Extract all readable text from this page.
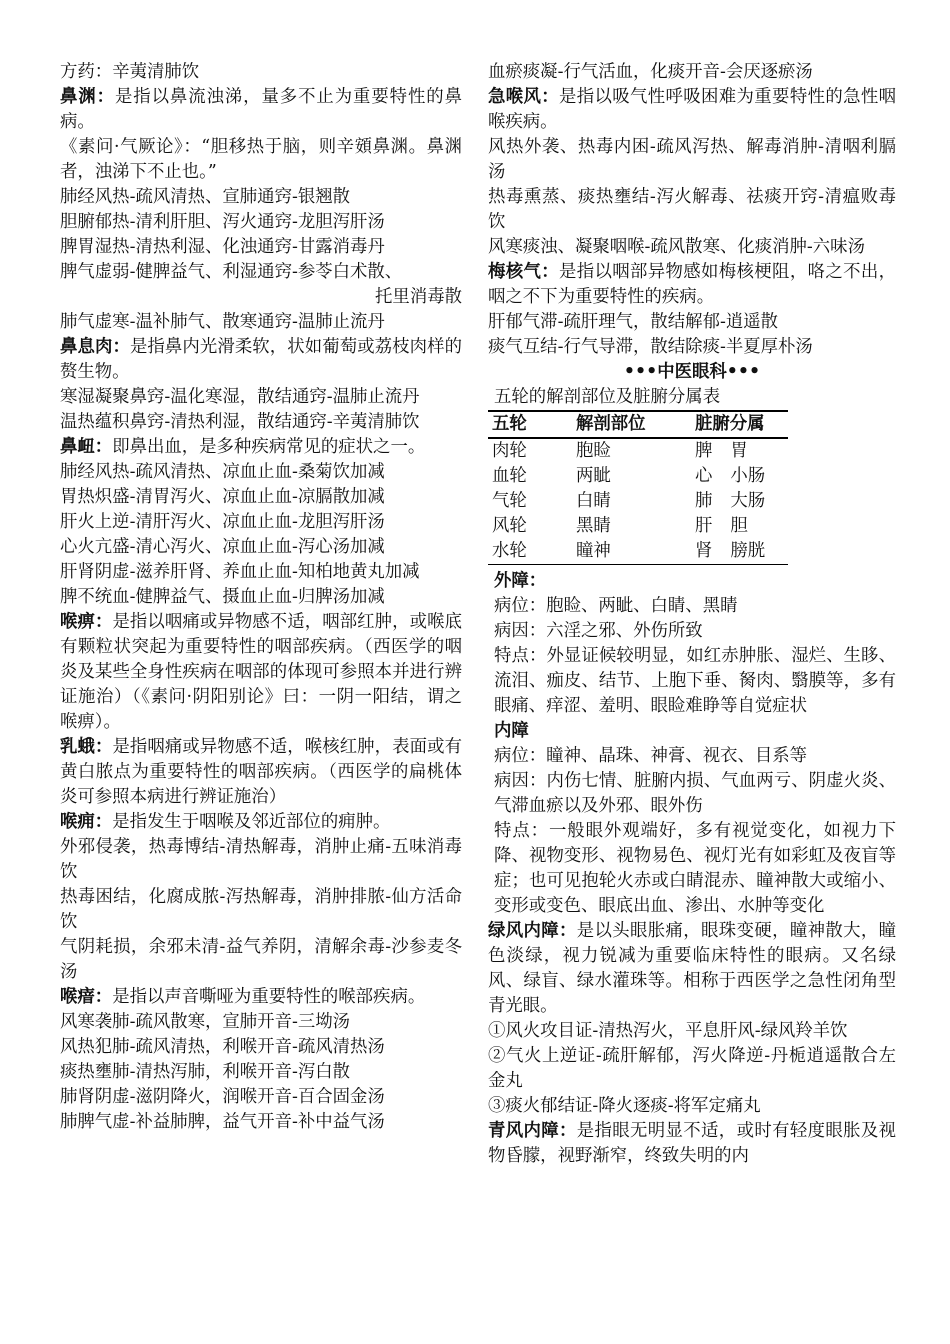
方药：辛荑清肺饮

鼻渊：是指以鼻流浊涕，量多不止为重要特性的鼻病。

《素问·气厥论》：“胆移热于脑，则辛頞鼻渊。鼻渊者，浊涕下不止也。”

肺经风热-疏风清热、宣肺通窍-银翘散

胆腑郁热-清利肝胆、泻火通窍-龙胆泻肝汤

脾胃湿热-清热利湿、化浊通窍-甘露消毒丹

脾气虚弱-健脾益气、利湿通窍-参苓白术散、

托里消毒散

肺气虚寒-温补肺气、散寒通窍-温肺止流丹

鼻息肉：是指鼻内光滑柔软，状如葡萄或荔枝肉样的赘生物。

寒湿凝聚鼻窍-温化寒湿，散结通窍-温肺止流丹

温热蕴积鼻窍-清热利湿，散结通窍-辛荑清肺饮

鼻衄：即鼻出血，是多种疾病常见的症状之一。

肺经风热-疏风清热、凉血止血-桑菊饮加减

胃热炽盛-清胃泻火、凉血止血-凉膈散加减

肝火上逆-清肝泻火、凉血止血-龙胆泻肝汤

心火亢盛-清心泻火、凉血止血-泻心汤加减

肝肾阴虚-滋养肝肾、养血止血-知柏地黄丸加减

脾不统血-健脾益气、摄血止血-归脾汤加减

喉痹：是指以咽痛或异物感不适，咽部红肿，或喉底有颗粒状突起为重要特性的咽部疾病。（西医学的咽炎及某些全身性疾病在咽部的体现可参照本并进行辨证施治）（《素问·阴阳别论》曰：一阴一阳结，谓之喉痹）。

乳蛾：是指咽痛或异物感不适，喉核红肿，表面或有黄白脓点为重要特性的咽部疾病。（西医学的扁桃体炎可参照本病进行辨证施治）

喉痈：是指发生于咽喉及邻近部位的痈肿。

外邪侵袭，热毒博结-清热解毒，消肿止痛-五味消毒饮

热毒困结，化腐成脓-泻热解毒，消肿排脓-仙方活命饮

气阴耗损，余邪未清-益气养阴，清解余毒-沙参麦冬汤

喉瘖：是指以声音嘶哑为重要特性的喉部疾病。

风寒袭肺-疏风散寒，宣肺开音-三坳汤

风热犯肺-疏风清热，利喉开音-疏风清热汤

痰热壅肺-清热泻肺，利喉开音-泻白散

肺肾阴虚-滋阴降火，润喉开音-百合固金汤

肺脾气虚-补益肺脾，益气开音-补中益气汤

血瘀痰凝-行气活血，化痰开音-会厌逐瘀汤

急喉风：是指以吸气性呼吸困难为重要特性的急性咽喉疾病。

风热外袭、热毒内困-疏风泻热、解毒消肿-清咽利膈汤

热毒熏蒸、痰热壅结-泻火解毒、祛痰开窍-清瘟败毒饮

风寒痰浊、凝聚咽喉-疏风散寒、化痰消肿-六味汤

梅核气：是指以咽部异物感如梅核梗阻，咯之不出，咽之不下为重要特性的疾病。

肝郁气滞-疏肝理气，散结解郁-逍遥散

痰气互结-行气导滞，散结除痰-半夏厚朴汤

•••中医眼科•••

五轮的解剖部位及脏腑分属表

五轮	解剖部位	脏腑分属
肉轮	胞睑	脾 胃
血轮	两眦	心 小肠
气轮	白睛	肺 大肠
风轮	黑睛	肝 胆
水轮	瞳神	肾 膀胱

外障：

病位：胞睑、两眦、白睛、黑睛

病因：六淫之邪、外伤所致

特点：外显证候较明显，如红赤肿胀、湿烂、生眵、流泪、痂皮、结节、上胞下垂、胬肉、翳膜等，多有眼痛、痒涩、羞明、眼睑难睁等自觉症状

内障

病位：瞳神、晶珠、神膏、视衣、目系等

病因：内伤七情、脏腑内损、气血两亏、阴虚火炎、气滞血瘀以及外邪、眼外伤

特点：一般眼外观端好，多有视觉变化，如视力下降、视物变形、视物易色、视灯光有如彩虹及夜盲等症；也可见抱轮火赤或白睛混赤、瞳神散大或缩小、变形或变色、眼底出血、渗出、水肿等变化

绿风内障：是以头眼胀痛，眼珠变硬，瞳神散大，瞳色淡绿，视力锐减为重要临床特性的眼病。又名绿风、绿盲、绿水灌珠等。相称于西医学之急性闭角型青光眼。

①风火攻目证-清热泻火，平息肝风-绿风羚羊饮

②气火上逆证-疏肝解郁，泻火降逆-丹栀逍遥散合左金丸

③痰火郁结证-降火逐痰-将军定痛丸

青风内障：是指眼无明显不适，或时有轻度眼胀及视物昏朦，视野渐窄，终致失明的内
